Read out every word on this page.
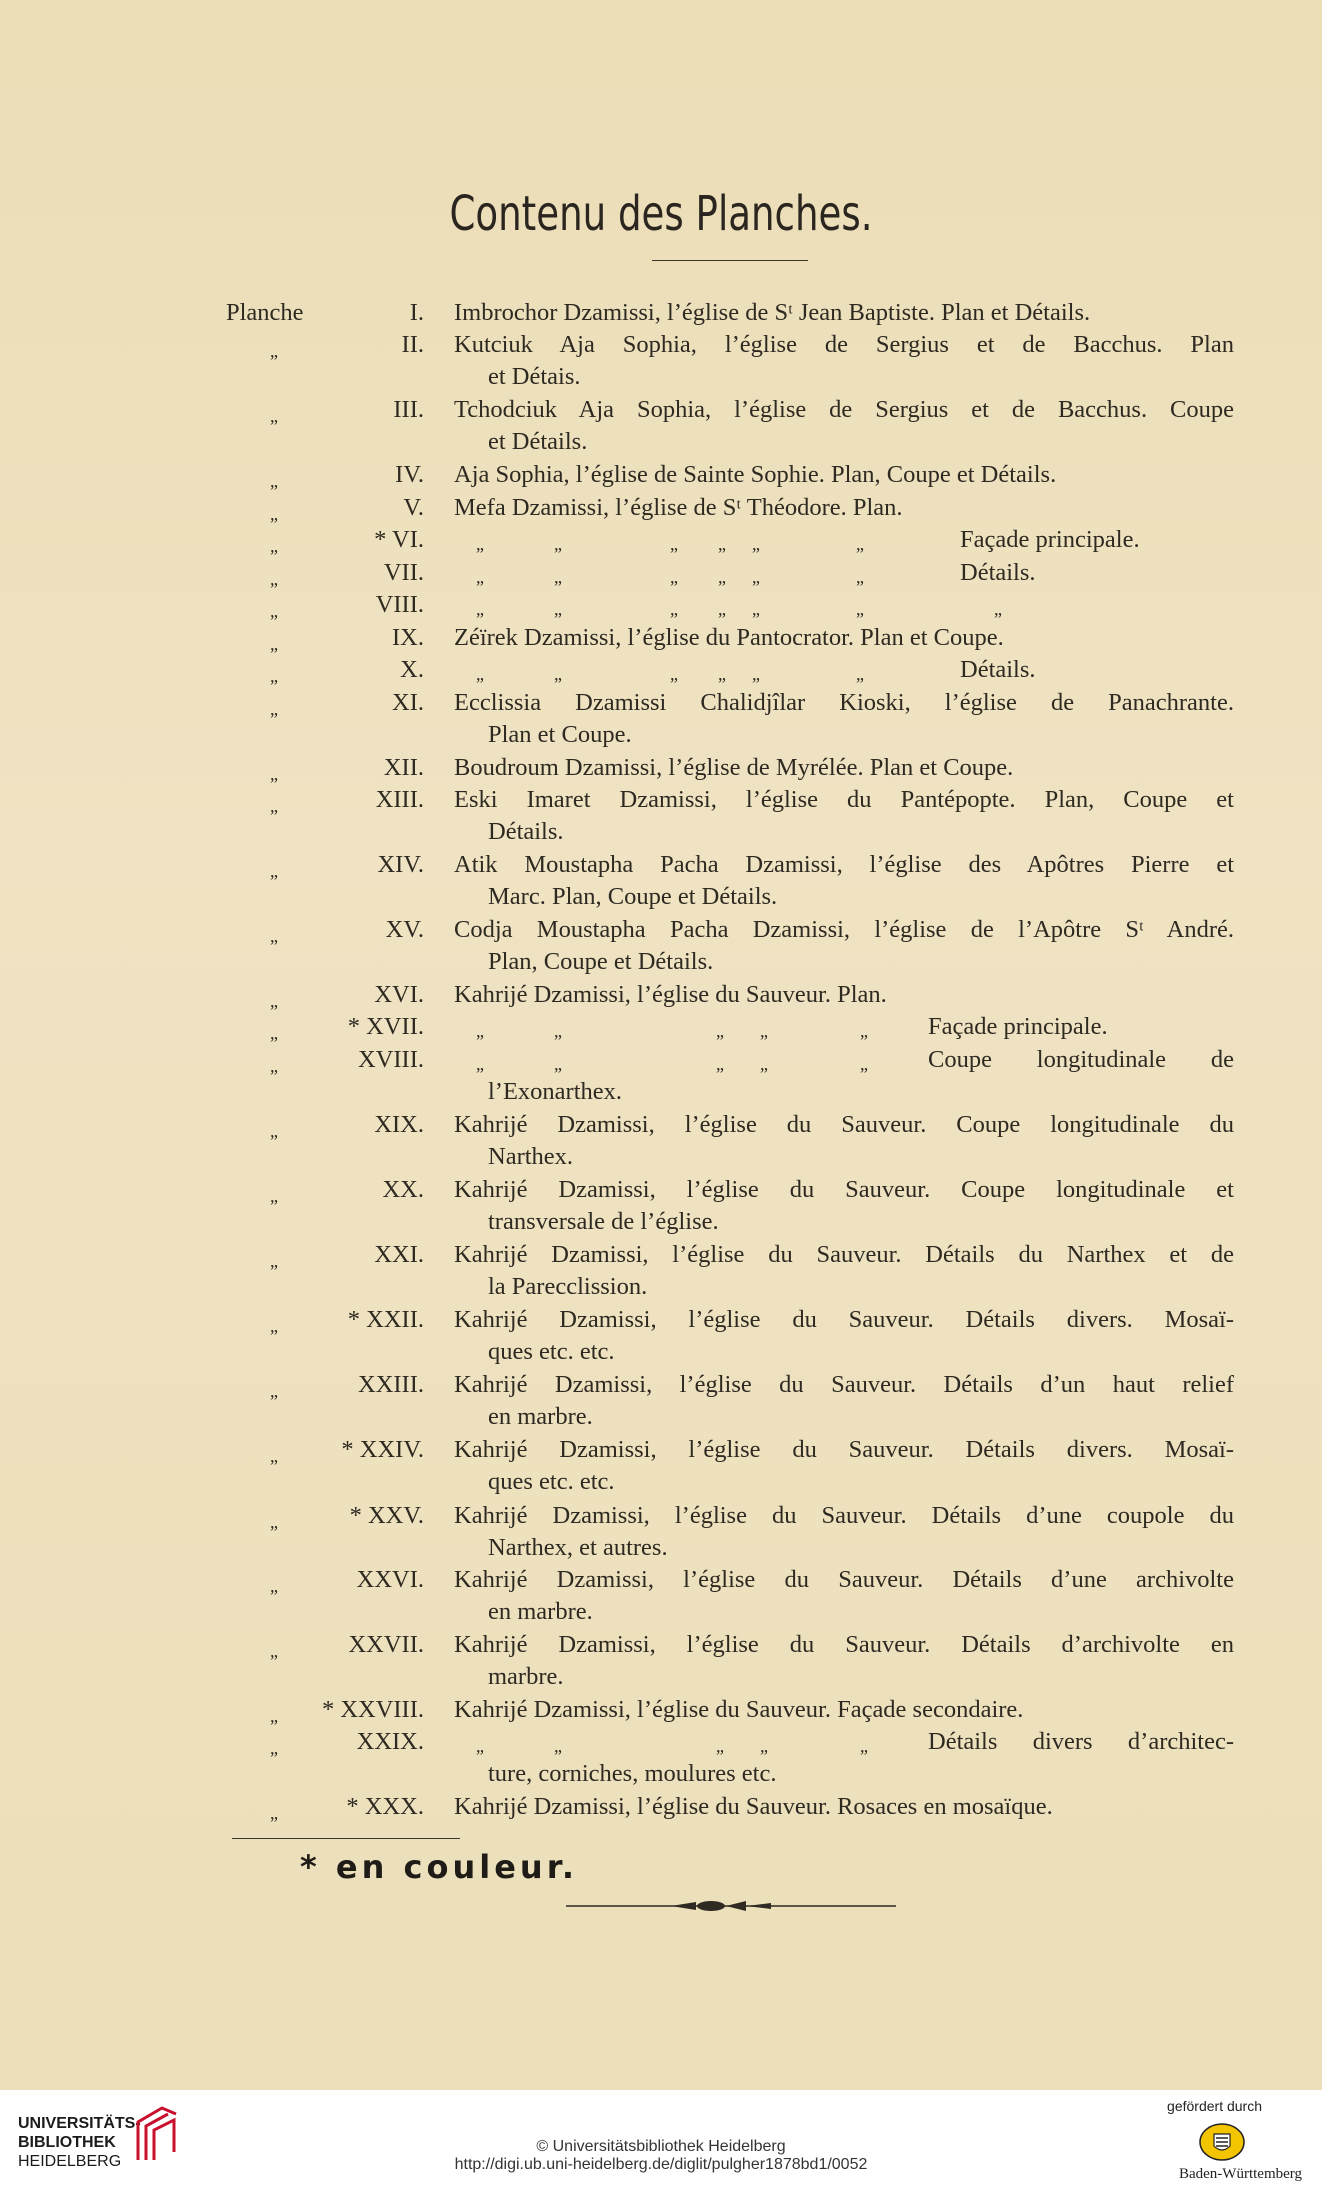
Contenu des Planches.
Planche	I. Imbrochor Dzamissi, l’église de Sᵗ Jean Baptiste. Plan et Détails.
„	II. Kutciuk Aja Sophia, l’église de Sergius et de Bacchus. Plan
et Détais.
„	III. Tchodciuk Aja Sophia, l’église de Sergius et de Bacchus. Coupe
et Détails.
„	IV. Aja Sophia, l’église de Sainte Sophie. Plan, Coupe et Détails.
„	V. Mefa Dzamissi, l’église de Sᵗ Théodore. Plan.
„	* VI.	„	„	„ „ „	„	Façade principale.
„	VII.	„	„	„ „ „	„	Détails.
„	VIII.	„	„	„ „ „	„	„
„	IX. Zéïrek Dzamissi, l’église du Pantocrator. Plan et Coupe.
„	X.	„	„	„ „ „	„	Détails.
„	XI. Ecclissia Dzamissi Chalidjîlar Kioski, l’église de Panachrante.
Plan et Coupe.
„	XII. Boudroum Dzamissi, l’église de Myrélée. Plan et Coupe.
„	XIII. Eski Imaret Dzamissi, l’église du Pantépopte. Plan, Coupe et
Détails.
„	XIV. Atik Moustapha Pacha Dzamissi, l’église des Apôtres Pierre et
Marc. Plan, Coupe et Détails.
„	XV. Codja Moustapha Pacha Dzamissi, l’église de l’Apôtre Sᵗ André.
Plan, Coupe et Détails.
„	XVI. Kahrijé Dzamissi, l’église du Sauveur. Plan.
„	* XVII.	„	„	„ „	„ Façade principale.
„	XVIII.	„	„	„ „	„ Coupe longitudinale de
l’Exonarthex.
„	XIX. Kahrijé Dzamissi, l’église du Sauveur. Coupe longitudinale du
Narthex.
„	XX. Kahrijé Dzamissi, l’église du Sauveur. Coupe longitudinale et
transversale de l’église.
„	XXI. Kahrijé Dzamissi, l’église du Sauveur. Détails du Narthex et de
la Parecclission.
„	* XXII. Kahrijé Dzamissi, l’église du Sauveur. Détails divers. Mosaï-
ques etc. etc.
„	XXIII. Kahrijé Dzamissi, l’église du Sauveur. Détails d’un haut relief
en marbre.
„	* XXIV. Kahrijé Dzamissi, l’église du Sauveur. Détails divers. Mosaï-
ques etc. etc.
„	* XXV. Kahrijé Dzamissi, l’église du Sauveur. Détails d’une coupole du
Narthex, et autres.
„	XXVI. Kahrijé Dzamissi, l’église du Sauveur. Détails d’une archivolte
en marbre.
„	XXVII. Kahrijé Dzamissi, l’église du Sauveur. Détails d’archivolte en
marbre.
„ * XXVIII. Kahrijé Dzamissi, l’église du Sauveur. Façade secondaire.
„	XXIX.	„	„	„ „	„ Détails divers d’architec-
ture, corniches, moulures etc.
„	* XXX. Kahrijé Dzamissi, l’église du Sauveur. Rosaces en mosaïque.
* en couleur.
UNIVERSITÄTS-
BIBLIOTHEK
HEIDELBERG
© Universitätsbibliothek Heidelberg
http://digi.ub.uni-heidelberg.de/diglit/pulgher1878bd1/0052
gefördert durch
Baden-Württemberg
